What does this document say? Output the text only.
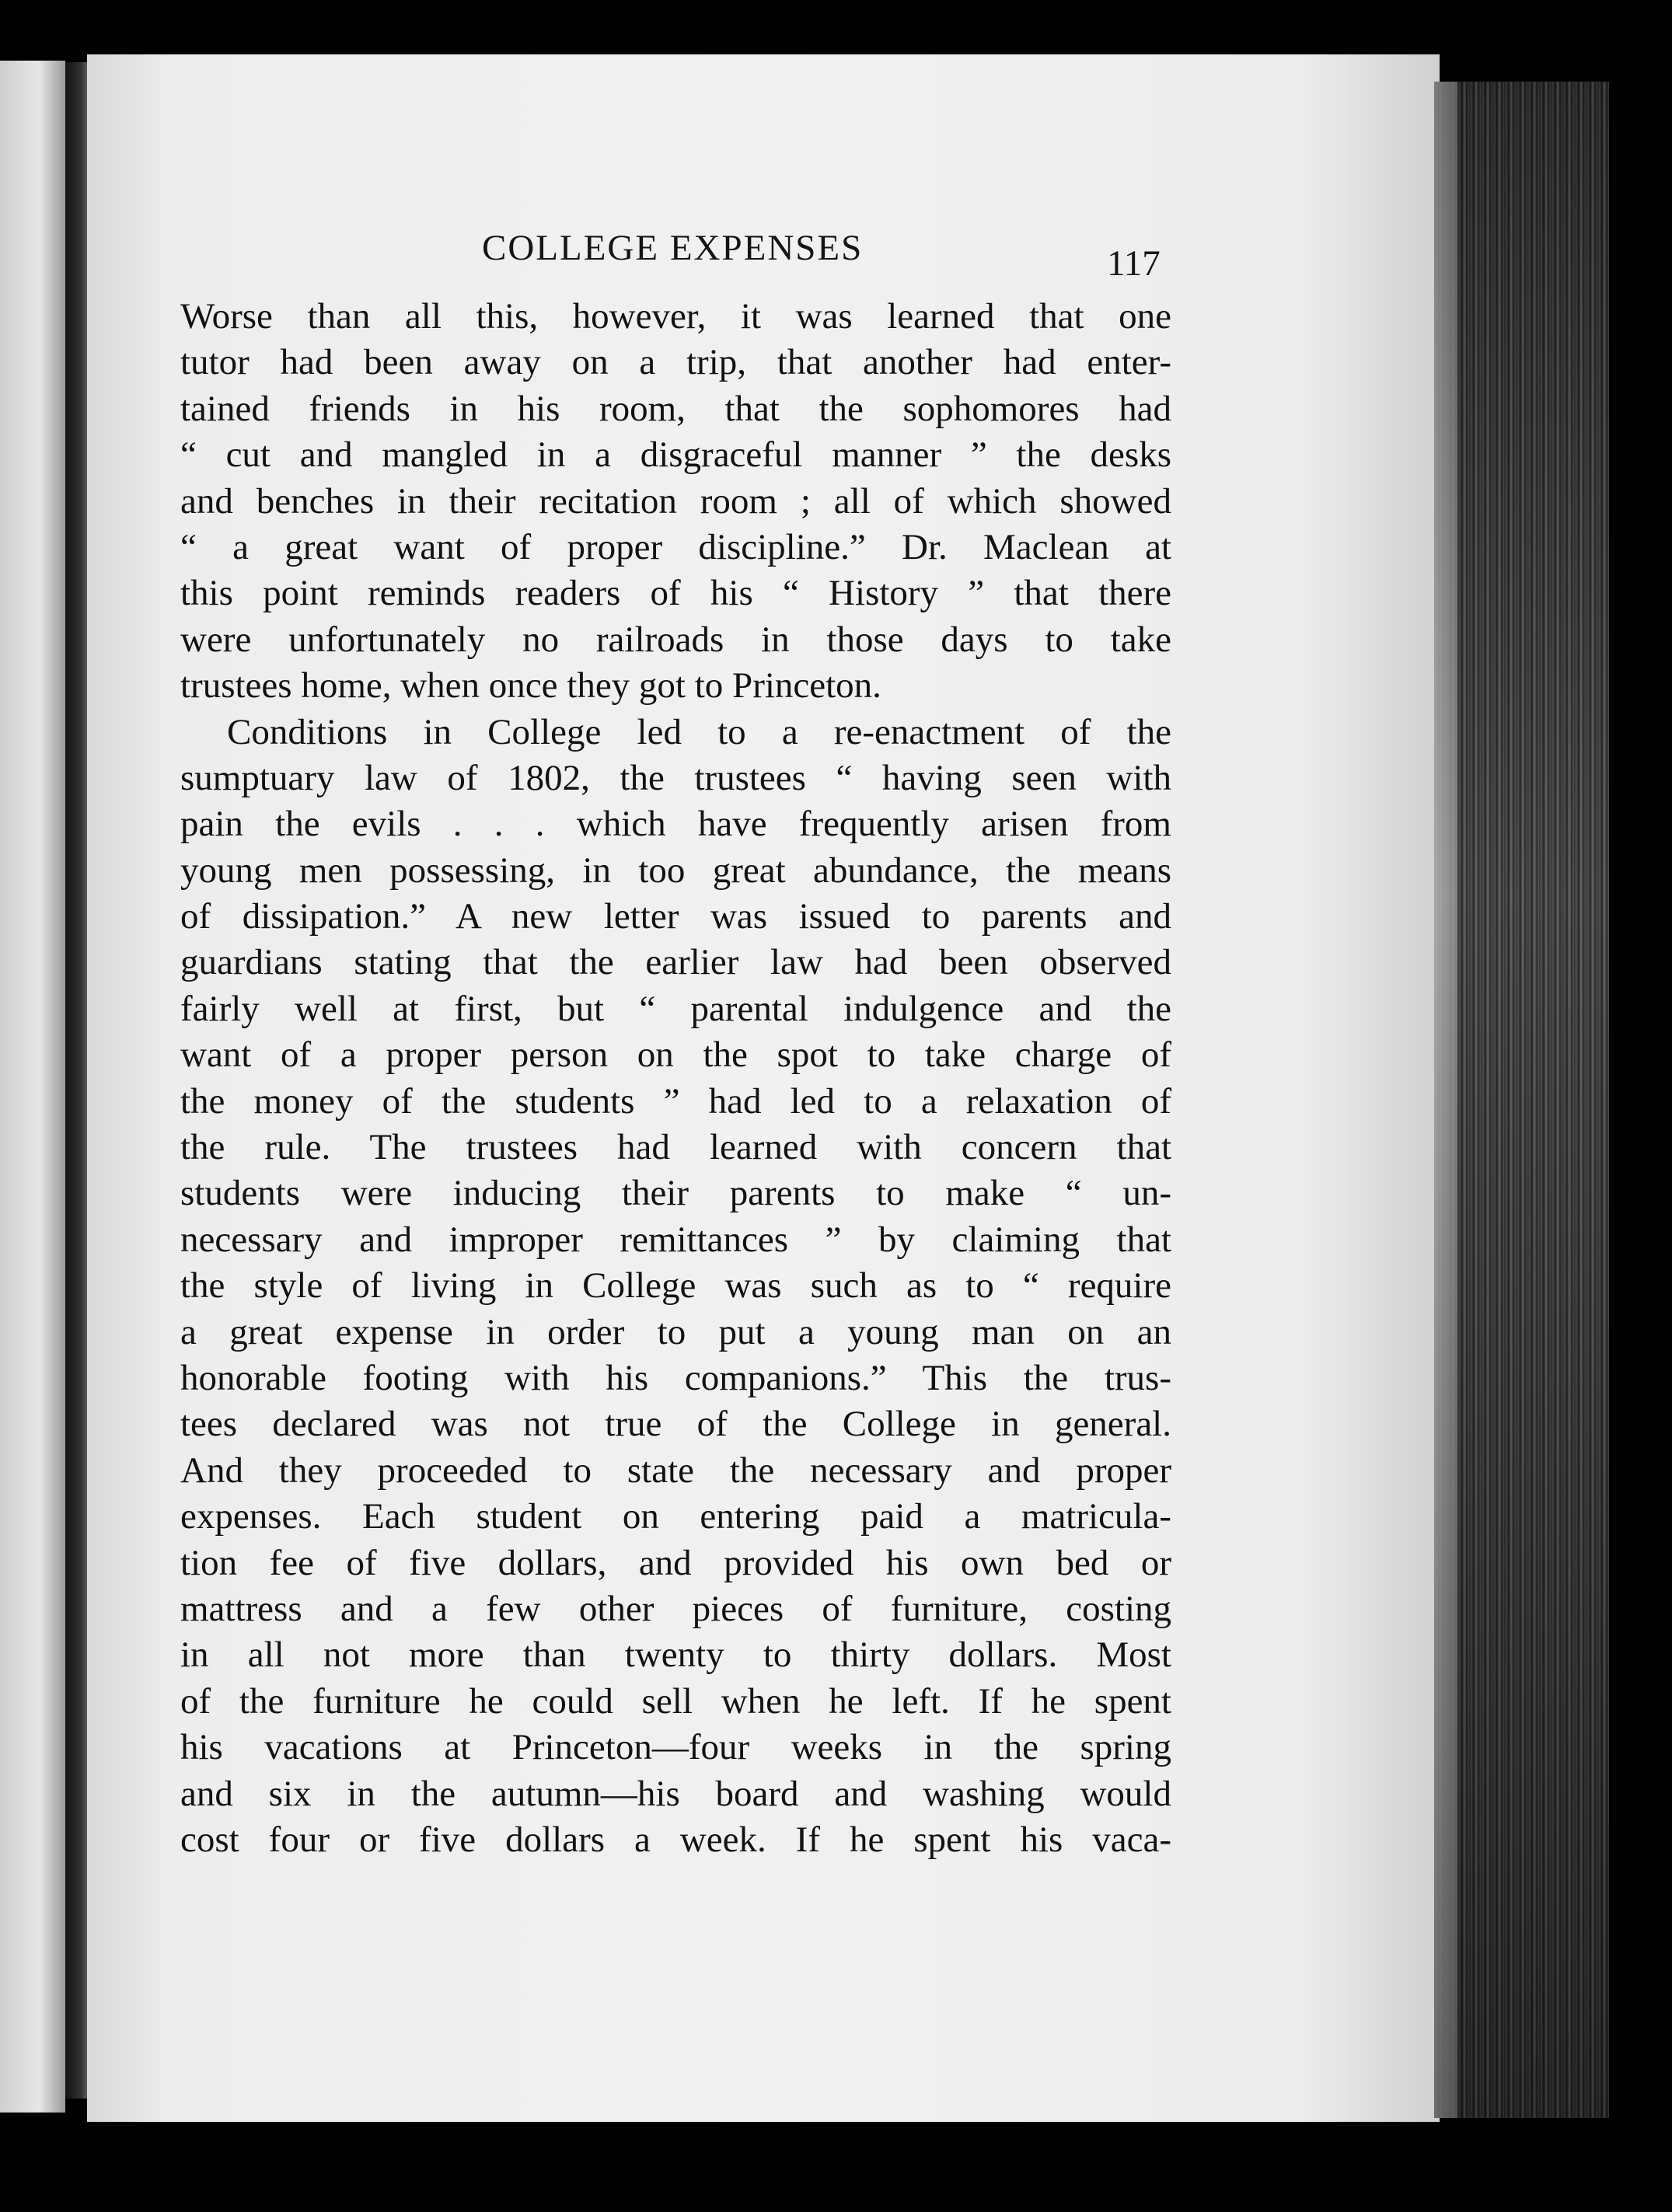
COLLEGE EXPENSES	117
Worse than all this, however, it was learned that one
tutor had been away on a trip, that another had enter-
tained friends in his room, that the sophomores had
“ cut and mangled in a disgraceful manner ” the desks
and benches in their recitation room ; all of which showed
“ a great want of proper discipline.” Dr. Maclean at
this point reminds readers of his “ History ” that there
were unfortunately no railroads in those days to take
trustees home, when once they got to Princeton.
Conditions in College led to a re-enactment of the
sumptuary law of 1802, the trustees “ having seen with
pain the evils . . . which have frequently arisen from
young men possessing, in too great abundance, the means
of dissipation.” A new letter was issued to parents and
guardians stating that the earlier law had been observed
fairly well at first, but “ parental indulgence and the
want of a proper person on the spot to take charge of
the money of the students ” had led to a relaxation of
the rule. The trustees had learned with concern that
students were inducing their parents to make “ un-
necessary and improper remittances ” by claiming that
the style of living in College was such as to “ require
a great expense in order to put a young man on an
honorable footing with his companions.” This the trus-
tees declared was not true of the College in general.
And they proceeded to state the necessary and proper
expenses. Each student on entering paid a matricula-
tion fee of five dollars, and provided his own bed or
mattress and a few other pieces of furniture, costing
in all not more than twenty to thirty dollars. Most
of the furniture he could sell when he left. If he spent
his vacations at Princeton—four weeks in the spring
and six in the autumn—his board and washing would
cost four or five dollars a week. If he spent his vaca-
